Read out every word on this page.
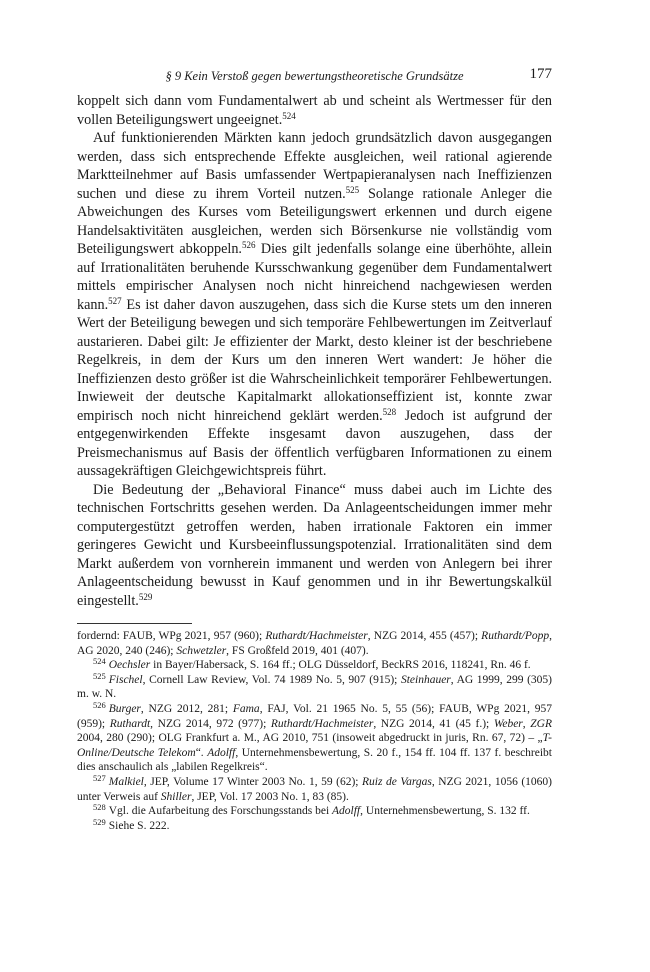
§ 9 Kein Verstoß gegen bewertungstheoretische Grundsätze	177

koppelt sich dann vom Fundamentalwert ab und scheint als Wertmesser für den vollen Beteiligungswert ungeeignet.$^{524}$

Auf funktionierenden Märkten kann jedoch grundsätzlich davon ausgegangen werden, dass sich entsprechende Effekte ausgleichen, weil rational agierende Marktteilnehmer auf Basis umfassender Wertpapieranalysen nach Ineffizienzen suchen und diese zu ihrem Vorteil nutzen.$^{525}$ Solange rationale Anleger die Abweichungen des Kurses vom Beteiligungswert erkennen und durch eigene Handelsaktivitäten ausgleichen, werden sich Börsenkurse nie vollständig vom Beteiligungswert abkoppeln.$^{526}$ Dies gilt jedenfalls solange eine überhöhte, allein auf Irrationalitäten beruhende Kursschwankung gegenüber dem Fundamentalwert mittels empirischer Analysen noch nicht hinreichend nachgewiesen werden kann.$^{527}$ Es ist daher davon auszugehen, dass sich die Kurse stets um den inneren Wert der Beteiligung bewegen und sich temporäre Fehlbewertungen im Zeitverlauf austarieren. Dabei gilt: Je effizienter der Markt, desto kleiner ist der beschriebene Regelkreis, in dem der Kurs um den inneren Wert wandert: Je höher die Ineffizienzen desto größer ist die Wahrscheinlichkeit temporärer Fehlbewertungen. Inwieweit der deutsche Kapitalmarkt allokationseffizient ist, konnte zwar empirisch noch nicht hinreichend geklärt werden.$^{528}$ Jedoch ist aufgrund der entgegenwirkenden Effekte insgesamt davon auszugehen, dass der Preismechanismus auf Basis der öffentlich verfügbaren Informationen zu einem aussagekräftigen Gleichgewichtspreis führt.

Die Bedeutung der „Behavioral Finance“ muss dabei auch im Lichte des technischen Fortschritts gesehen werden. Da Anlageentscheidungen immer mehr computergestützt getroffen werden, haben irrationale Faktoren ein immer geringeres Gewicht und Kursbeeinflussungspotenzial. Irrationalitäten sind dem Markt außerdem von vornherein immanent und werden von Anlegern bei ihrer Anlageentscheidung bewusst in Kauf genommen und in ihr Bewertungskalkül eingestellt.$^{529}$

fordernd: FAUB, WPg 2021, 957 (960); Ruthardt/Hachmeister, NZG 2014, 455 (457); Ruthardt/Popp, AG 2020, 240 (246); Schwetzler, FS Großfeld 2019, 401 (407).

$^{524}$ Oechsler in Bayer/Habersack, S. 164 ff.; OLG Düsseldorf, BeckRS 2016, 118241, Rn. 46 f.

$^{525}$ Fischel, Cornell Law Review, Vol. 74 1989 No. 5, 907 (915); Steinhauer, AG 1999, 299 (305) m. w. N.

$^{526}$ Burger, NZG 2012, 281; Fama, FAJ, Vol. 21 1965 No. 5, 55 (56); FAUB, WPg 2021, 957 (959); Ruthardt, NZG 2014, 972 (977); Ruthardt/Hachmeister, NZG 2014, 41 (45 f.); Weber, ZGR 2004, 280 (290); OLG Frankfurt a. M., AG 2010, 751 (insoweit abgedruckt in juris, Rn. 67, 72) – „T-Online/Deutsche Telekom“. Adolff, Unternehmensbewertung, S. 20 f., 154 ff. 104 ff. 137 f. beschreibt dies anschaulich als „labilen Regelkreis“.

$^{527}$ Malkiel, JEP, Volume 17 Winter 2003 No. 1, 59 (62); Ruiz de Vargas, NZG 2021, 1056 (1060) unter Verweis auf Shiller, JEP, Vol. 17 2003 No. 1, 83 (85).

$^{528}$ Vgl. die Aufarbeitung des Forschungsstands bei Adolff, Unternehmensbewertung, S. 132 ff.

$^{529}$ Siehe S. 222.
